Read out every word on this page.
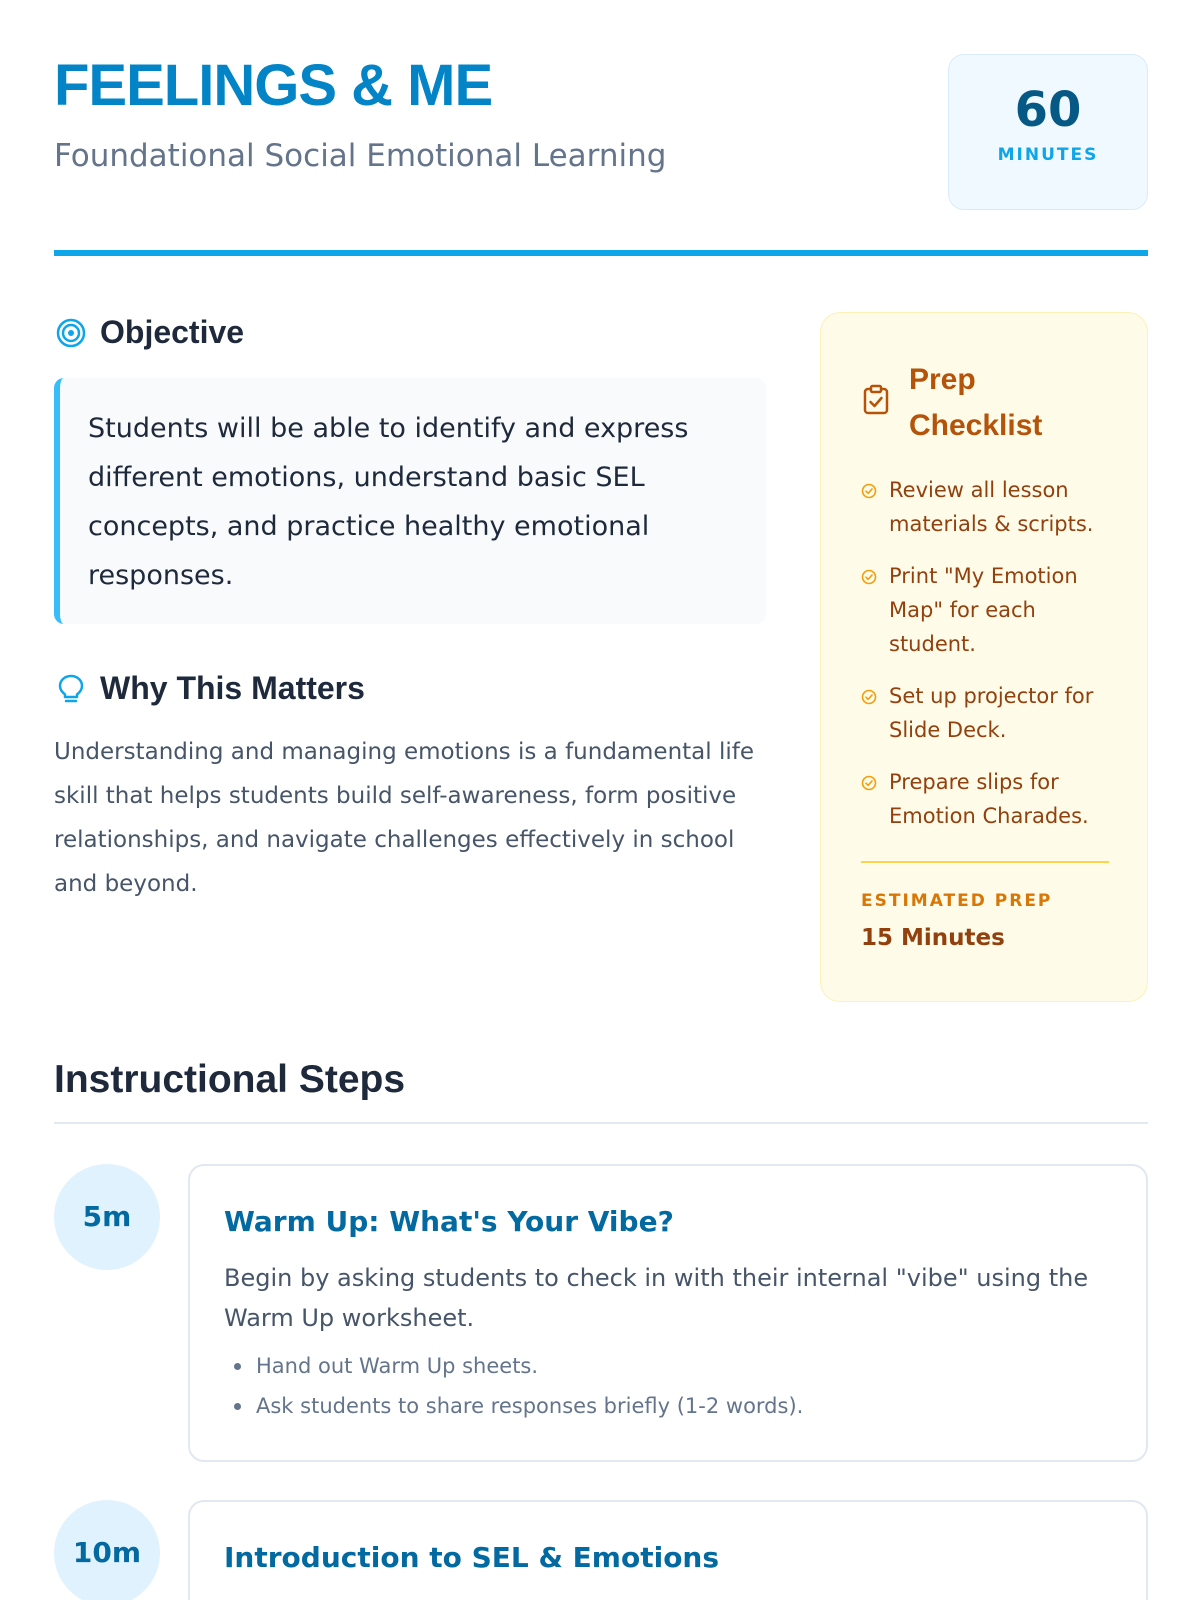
FEELINGS & ME
Foundational Social Emotional Learning
60
MINUTES
Objective

Students will be able to identify and express different emotions, understand basic SEL concepts, and practice healthy emotional responses.

Why This Matters

Understanding and managing emotions is a fundamental life skill that helps students build self-awareness, form positive relationships, and navigate challenges effectively in school and beyond.

Prep Checklist
Review all lesson materials & scripts.
Print "My Emotion Map" for each student.
Set up projector for Slide Deck.
Prepare slips for Emotion Charades.
ESTIMATED PREP
15 Minutes
Instructional Steps
5m	Warm Up: What's Your Vibe?

Begin by asking students to check in with their internal "vibe" using the Warm Up worksheet.

Hand out Warm Up sheets.
Ask students to share responses briefly (1-2 words).
10m	Introduction to SEL & Emotions
